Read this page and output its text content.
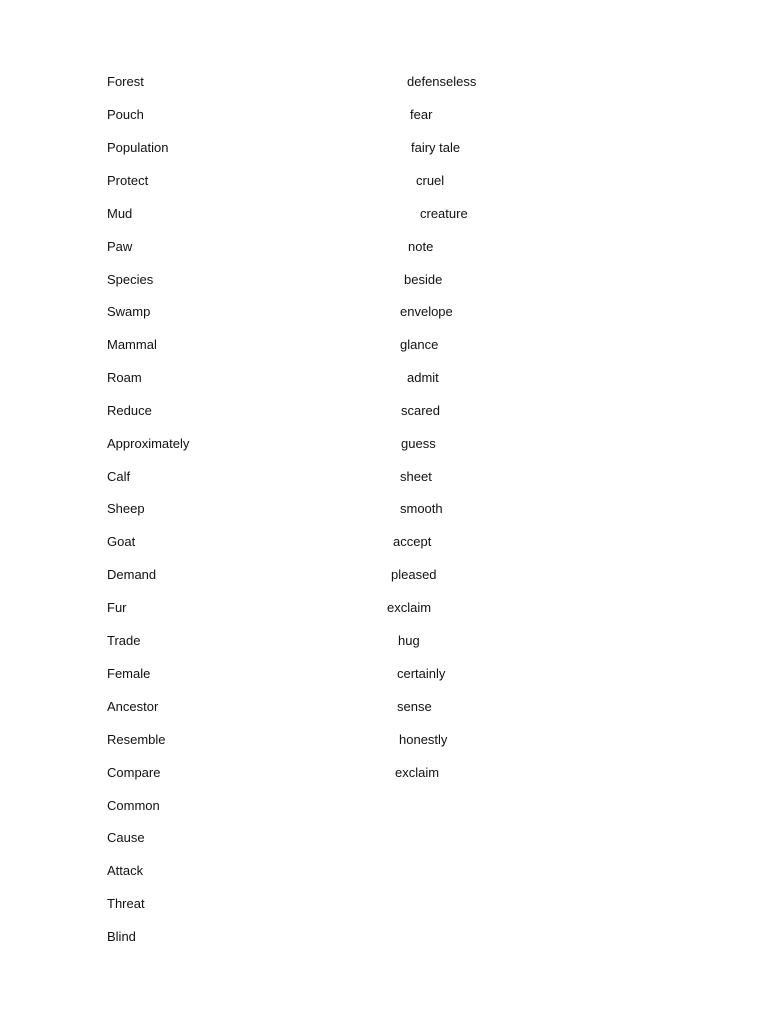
Forest
Pouch
Population
Protect
Mud
Paw
Species
Swamp
Mammal
Roam
Reduce
Approximately
Calf
Sheep
Goat
Demand
Fur
Trade
Female
Ancestor
Resemble
Compare
Common
Cause
Attack
Threat
Blind
defenseless
fear
fairy tale
cruel
creature
note
beside
envelope
glance
admit
scared
guess
sheet
smooth
accept
pleased
exclaim
hug
certainly
sense
honestly
exclaim
